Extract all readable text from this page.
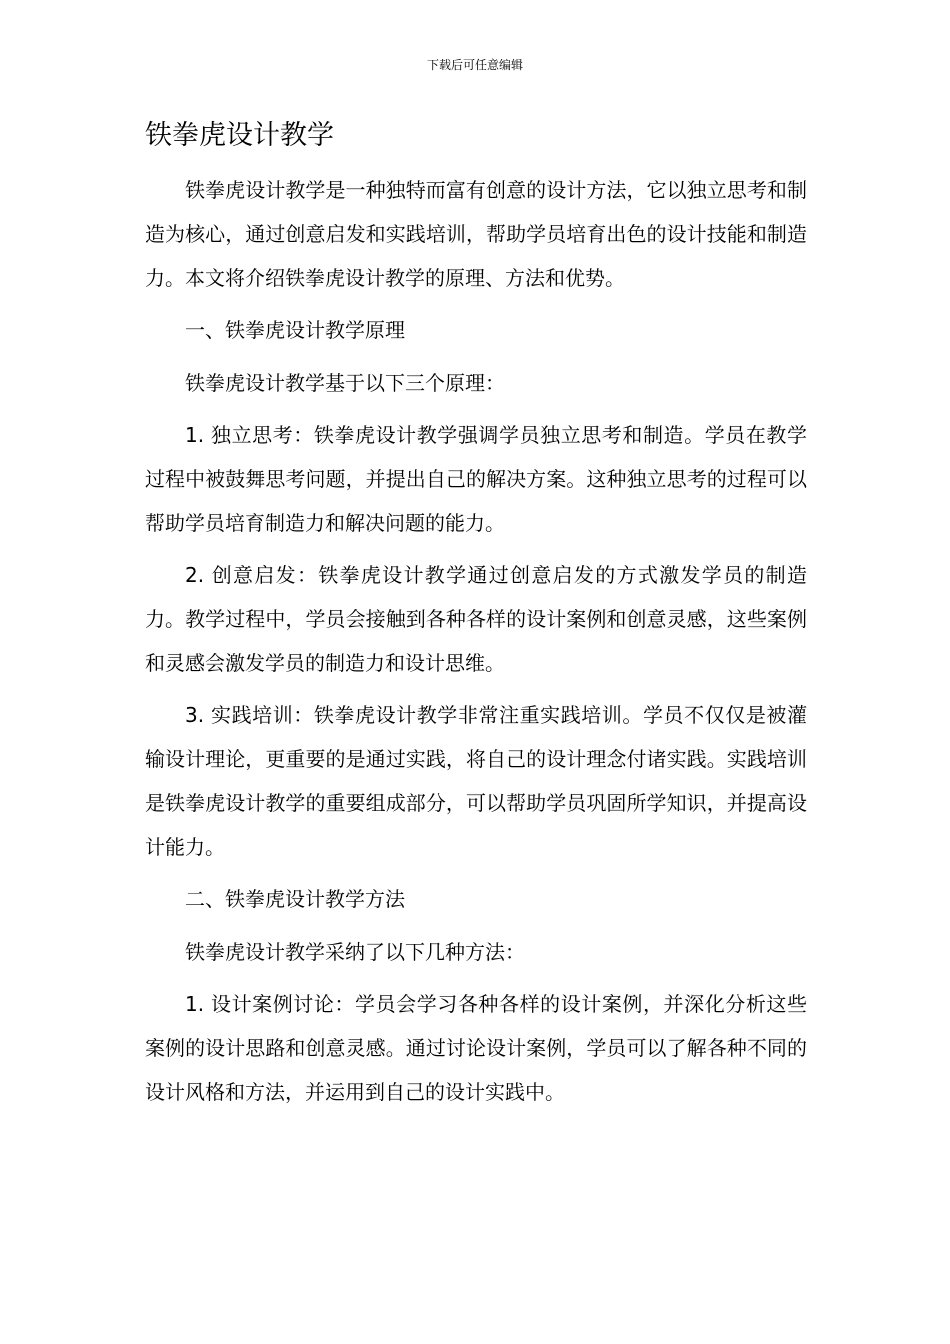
下载后可任意编辑
铁拳虎设计教学

铁拳虎设计教学是一种独特而富有创意的设计方法，它以独立思考和制造为核心，通过创意启发和实践培训，帮助学员培育出色的设计技能和制造力。本文将介绍铁拳虎设计教学的原理、方法和优势。

一、铁拳虎设计教学原理

铁拳虎设计教学基于以下三个原理：

1. 独立思考：铁拳虎设计教学强调学员独立思考和制造。学员在教学过程中被鼓舞思考问题，并提出自己的解决方案。这种独立思考的过程可以帮助学员培育制造力和解决问题的能力。

2. 创意启发：铁拳虎设计教学通过创意启发的方式激发学员的制造力。教学过程中，学员会接触到各种各样的设计案例和创意灵感，这些案例和灵感会激发学员的制造力和设计思维。

3. 实践培训：铁拳虎设计教学非常注重实践培训。学员不仅仅是被灌输设计理论，更重要的是通过实践，将自己的设计理念付诸实践。实践培训是铁拳虎设计教学的重要组成部分，可以帮助学员巩固所学知识，并提高设计能力。

二、铁拳虎设计教学方法

铁拳虎设计教学采纳了以下几种方法：

1. 设计案例讨论：学员会学习各种各样的设计案例，并深化分析这些案例的设计思路和创意灵感。通过讨论设计案例，学员可以了解各种不同的设计风格和方法，并运用到自己的设计实践中。
